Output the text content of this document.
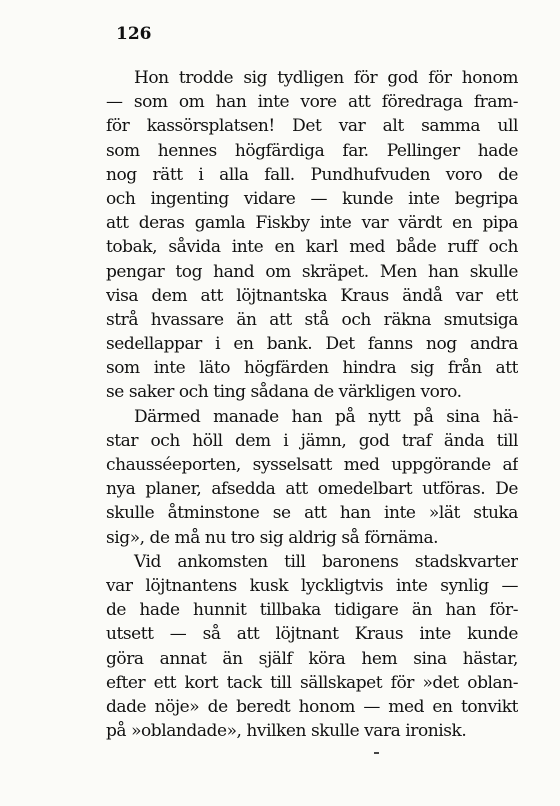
126
Hon trodde sig tydligen för god för honom
— som om han inte vore att föredraga fram-
för kassörsplatsen! Det var alt samma ull
som hennes högfärdiga far. Pellinger hade
nog rätt i alla fall. Pundhufvuden voro de
och ingenting vidare — kunde inte begripa
att deras gamla Fiskby inte var värdt en pipa
tobak, såvida inte en karl med både ruff och
pengar tog hand om skräpet. Men han skulle
visa dem att löjtnantska Kraus ändå var ett
strå hvassare än att stå och räkna smutsiga
sedellappar i en bank. Det fanns nog andra
som inte läto högfärden hindra sig från att
se saker och ting sådana de värkligen voro.
Därmed manade han på nytt på sina hä-
star och höll dem i jämn, god traf ända till
chausséeporten, sysselsatt med uppgörande af
nya planer, afsedda att omedelbart utföras. De
skulle åtminstone se att han inte »lät stuka
sig», de må nu tro sig aldrig så förnäma.
Vid ankomsten till baronens stadskvarter
var löjtnantens kusk lyckligtvis inte synlig —
de hade hunnit tillbaka tidigare än han för-
utsett — så att löjtnant Kraus inte kunde
göra annat än själf köra hem sina hästar,
efter ett kort tack till sällskapet för »det oblan-
dade nöje» de beredt honom — med en tonvikt
på »oblandade», hvilken skulle vara ironisk.
